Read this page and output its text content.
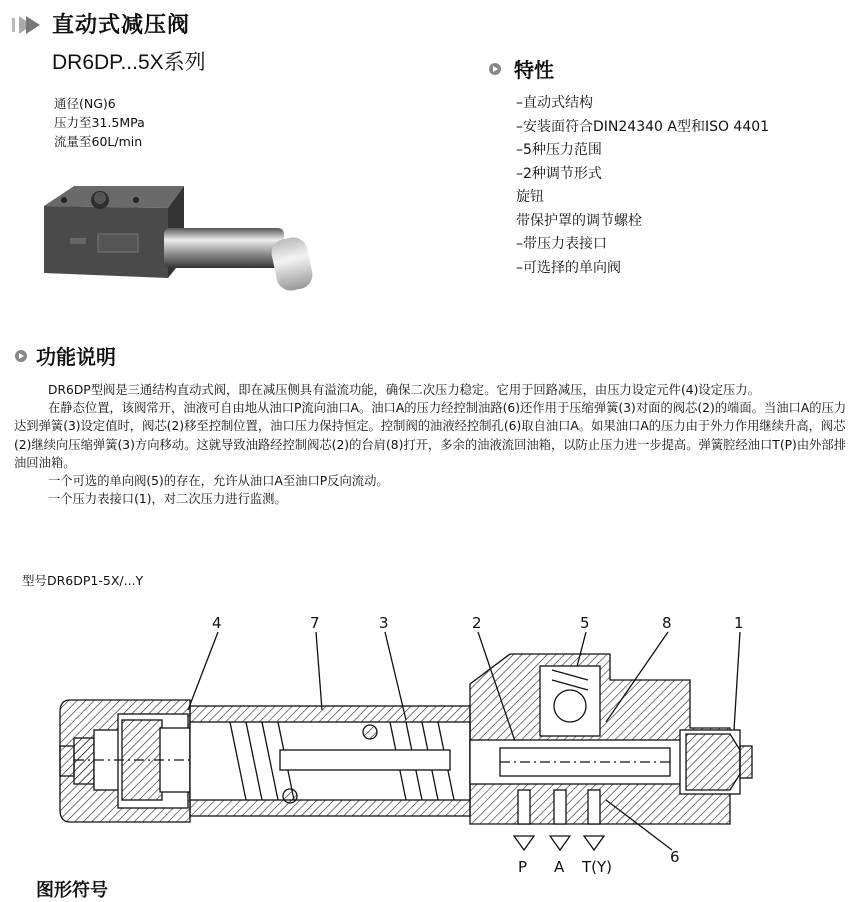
直动式减压阀
DR6DP...5X系列
通径(NG)6
压力至31.5MPa
流量至60L/min
特性
–直动式结构
–安装面符合DIN24340 A型和ISO 4401
–5种压力范围
–2种调节形式
旋钮
带保护罩的调节螺栓
–带压力表接口
–可选择的单向阀
功能说明

DR6DP型阀是三通结构直动式阀，即在减压侧具有溢流功能，确保二次压力稳定。它用于回路减压，由压力设定元件(4)设定压力。

在静态位置，该阀常开，油液可自由地从油口P流向油口A。油口A的压力经控制油路(6)还作用于压缩弹簧(3)对面的阀芯(2)的端面。当油口A的压力达到弹簧(3)设定值时，阀芯(2)移至控制位置，油口压力保持恒定。控制阀的油液经控制孔(6)取自油口A。如果油口A的压力由于外力作用继续升高，阀芯(2)继续向压缩弹簧(3)方向移动。这就导致油路经控制阀芯(2)的台肩(8)打开，多余的油液流回油箱，以防止压力进一步提高。弹簧腔经油口T(P)由外部排油回油箱。

一个可选的单向阀(5)的存在，允许从油口A至油口P反向流动。

一个压力表接口(1)，对二次压力进行监测。

型号DR6DP1-5X/...Y
4	7	3	2	5	8	1
6
P A T(Y)
图形符号
